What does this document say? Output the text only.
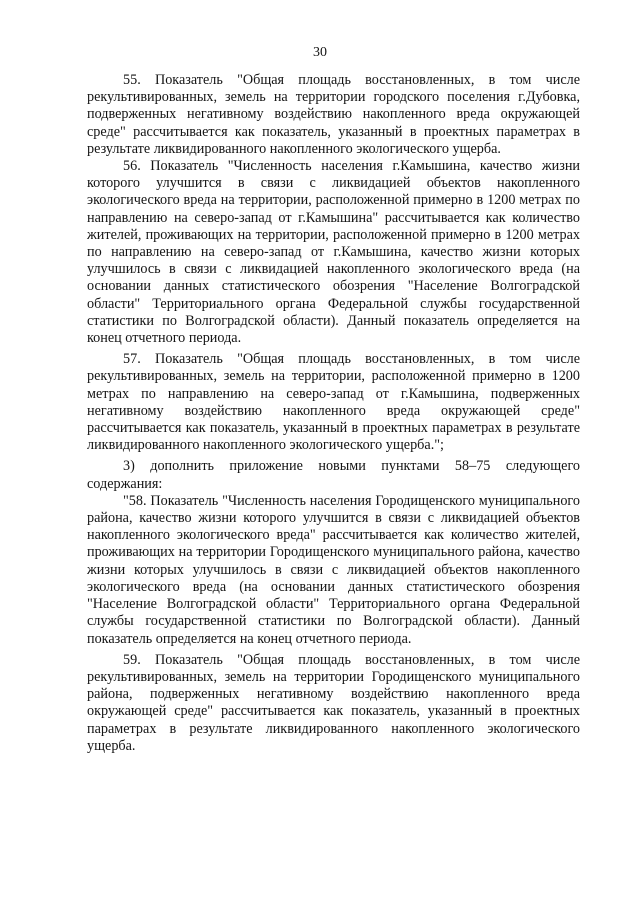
30

55. Показатель "Общая площадь восстановленных, в том числе рекультивированных, земель на территории городского поселения г.Дубовка, подверженных негативному воздействию накопленного вреда окружающей среде" рассчитывается как показатель, указанный в проектных параметрах в результате ликвидированного накопленного экологического ущерба.

56. Показатель "Численность населения г.Камышина, качество жизни которого улучшится в связи с ликвидацией объектов накопленного экологического вреда на территории, расположенной примерно в 1200 метрах по направлению на северо-запад от г.Камышина" рассчитывается как количество жителей, проживающих на территории, расположенной примерно в 1200 метрах по направлению на северо-запад от г.Камышина, качество жизни которых улучшилось в связи с ликвидацией накопленного экологического вреда (на основании данных статистического обозрения "Население Волгоградской области" Территориального органа Федеральной службы государственной статистики по Волгоградской области). Данный показатель определяется на конец отчетного периода.

57. Показатель "Общая площадь восстановленных, в том числе рекультивированных, земель на территории, расположенной примерно в 1200 метрах по направлению на северо-запад от г.Камышина, подверженных негативному воздействию накопленного вреда окружающей среде" рассчитывается как показатель, указанный в проектных параметрах в результате ликвидированного накопленного экологического ущерба.";

3) дополнить приложение новыми пунктами 58–75 следующего содержания:

"58. Показатель "Численность населения Городищенского муниципального района, качество жизни которого улучшится в связи с ликвидацией объектов накопленного экологического вреда" рассчитывается как количество жителей, проживающих на территории Городищенского муниципального района, качество жизни которых улучшилось в связи с ликвидацией объектов накопленного экологического вреда (на основании данных статистического обозрения "Население Волгоградской области" Территориального органа Федеральной службы государственной статистики по Волгоградской области). Данный показатель определяется на конец отчетного периода.

59. Показатель "Общая площадь восстановленных, в том числе рекультивированных, земель на территории Городищенского муниципального района, подверженных негативному воздействию накопленного вреда окружающей среде" рассчитывается как показатель, указанный в проектных параметрах в результате ликвидированного накопленного экологического ущерба.
